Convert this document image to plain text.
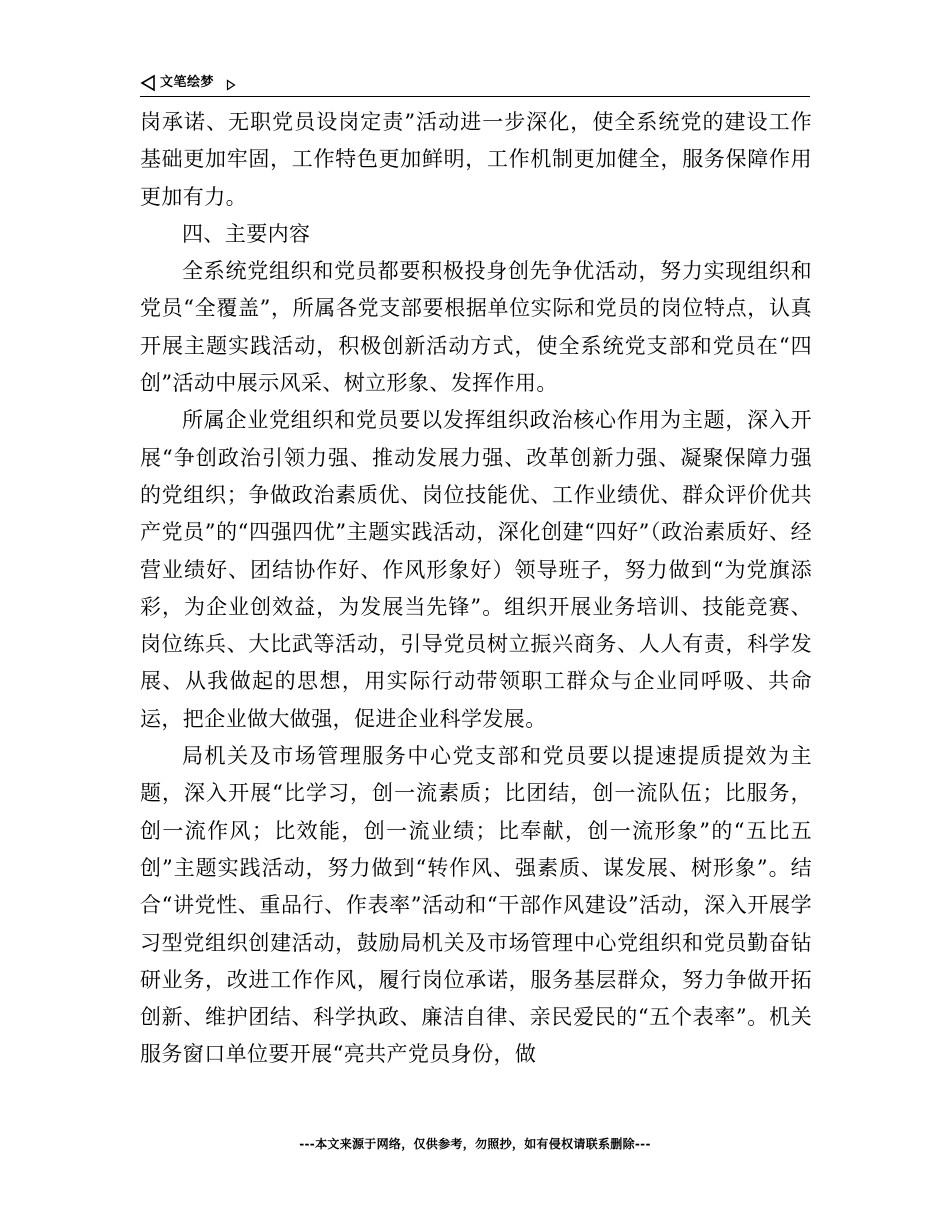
文笔绘梦

岗承诺、无职党员设岗定责”活动进一步深化，使全系统党的建设工作基础更加牢固，工作特色更加鲜明，工作机制更加健全，服务保障作用更加有力。

四、主要内容

全系统党组织和党员都要积极投身创先争优活动，努力实现组织和党员“全覆盖”，所属各党支部要根据单位实际和党员的岗位特点，认真开展主题实践活动，积极创新活动方式，使全系统党支部和党员在“四创”活动中展示风采、树立形象、发挥作用。

所属企业党组织和党员要以发挥组织政治核心作用为主题，深入开展“争创政治引领力强、推动发展力强、改革创新力强、凝聚保障力强的党组织；争做政治素质优、岗位技能优、工作业绩优、群众评价优共产党员”的“四强四优”主题实践活动，深化创建“四好”（政治素质好、经营业绩好、团结协作好、作风形象好）领导班子，努力做到“为党旗添彩，为企业创效益，为发展当先锋”。组织开展业务培训、技能竞赛、岗位练兵、大比武等活动，引导党员树立振兴商务、人人有责，科学发展、从我做起的思想，用实际行动带领职工群众与企业同呼吸、共命运，把企业做大做强，促进企业科学发展。

局机关及市场管理服务中心党支部和党员要以提速提质提效为主题，深入开展“比学习，创一流素质；比团结，创一流队伍；比服务，创一流作风；比效能，创一流业绩；比奉献，创一流形象”的“五比五创”主题实践活动，努力做到“转作风、强素质、谋发展、树形象”。结合“讲党性、重品行、作表率”活动和“干部作风建设”活动，深入开展学习型党组织创建活动，鼓励局机关及市场管理中心党组织和党员勤奋钻研业务，改进工作作风，履行岗位承诺，服务基层群众，努力争做开拓创新、维护团结、科学执政、廉洁自律、亲民爱民的“五个表率”。机关服务窗口单位要开展“亮共产党员身份，做

---本文来源于网络，仅供参考，勿照抄，如有侵权请联系删除---
